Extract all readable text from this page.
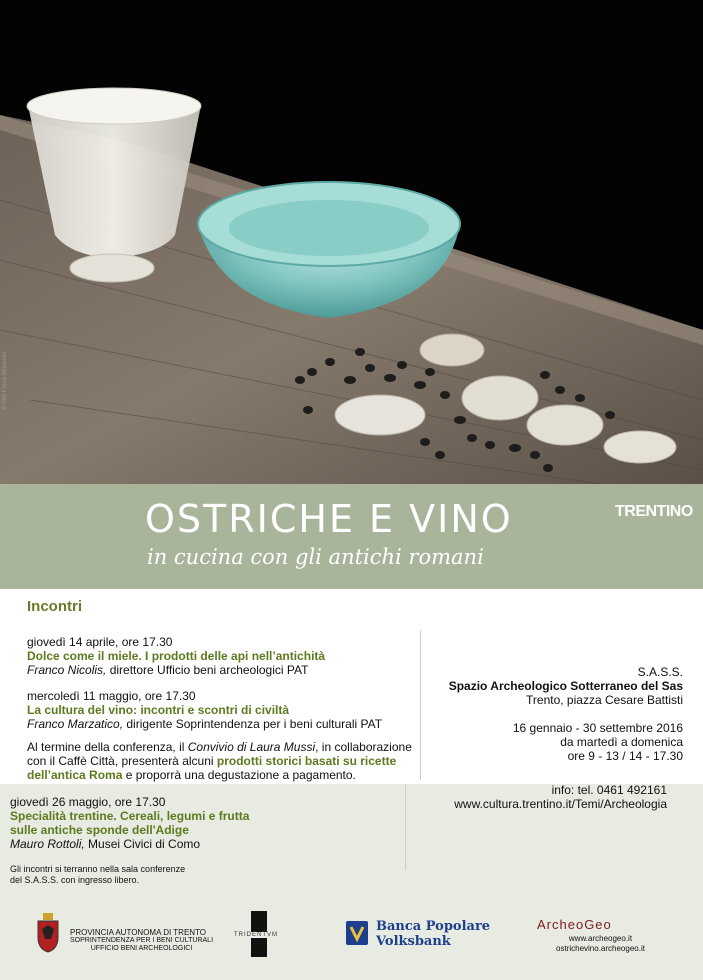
© foto Elena Munerati
OSTRICHE E VINO
in cucina con gli antichi romani
TRENTINO
Incontri
giovedì 14 aprile, ore 17.30
Dolce come il miele. I prodotti delle api nell’antichità
Franco Nicolis, direttore Ufficio beni archeologici PAT
mercoledì 11 maggio, ore 17.30
La cultura del vino: incontri e scontri di civiltà
Franco Marzatico, dirigente Soprintendenza per i beni culturali PAT
Al termine della conferenza, il Convivio di Laura Mussi, in collaborazione
con il Caffè Città, presenterà alcuni prodotti storici basati su ricette
dell’antica Roma e proporrà una degustazione a pagamento.
giovedì 26 maggio, ore 17.30
Specialità trentine. Cereali, legumi e frutta
sulle antiche sponde dell'Adige
Mauro Rottoli, Musei Civici di Como
Gli incontri si terranno nella sala conferenze
del S.A.S.S. con ingresso libero.
S.A.S.S.
Spazio Archeologico Sotterraneo del Sas
Trento, piazza Cesare Battisti
16 gennaio - 30 settembre 2016
da martedì a domenica
ore 9 - 13 / 14 - 17.30
info: tel. 0461 492161
www.cultura.trentino.it/Temi/Archeologia
PROVINCIA AUTONOMA DI TRENTO
SOPRINTENDENZA PER I BENI CULTURALI
UFFICIO BENI ARCHEOLOGICI
TRIDENTVM
Banca Popolare
Volksbank
ArcheoGeo
www.archeogeo.it
ostrichevino.archeogeo.it
